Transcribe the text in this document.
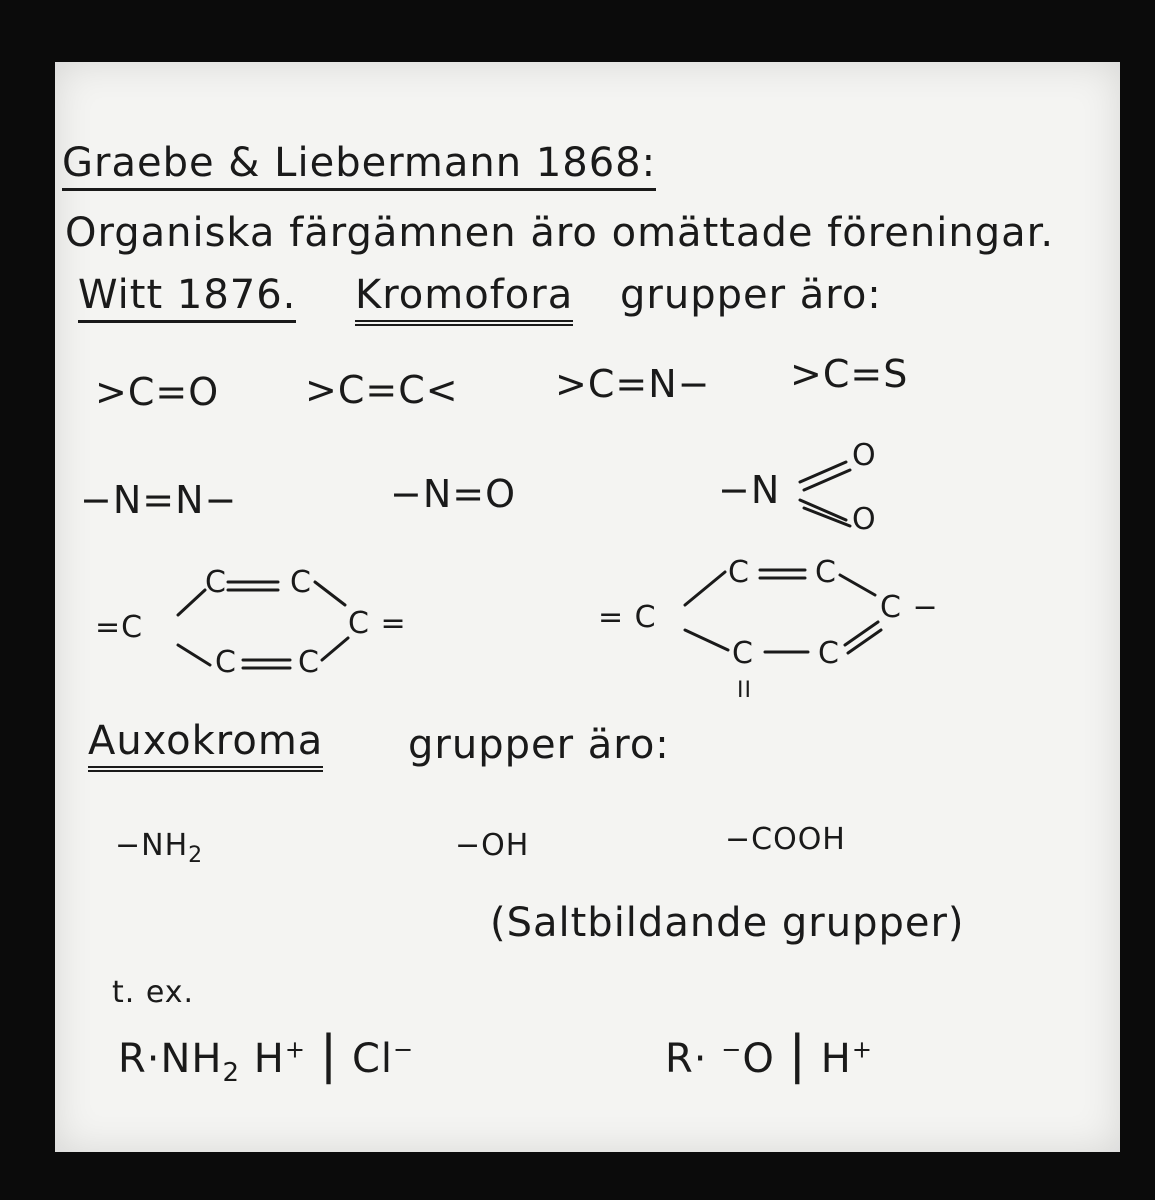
Graebe & Liebermann 1868:
Organiska färgämnen äro omättade föreningar.
Witt 1876. Kromofora grupper äro:
>C=O >C=C<	>C=N− >C=S
−N=N−	−N=O	−N
O
O
=C
C C
C C
C =	= C
C C
C −
C C
II
Auxokroma grupper äro:
$-NH_2$	−OH	−COOH
(Saltbildande grupper)
t. ex.
$R\cdot NH_2$ H+ | Cl−	R· −O | H+
